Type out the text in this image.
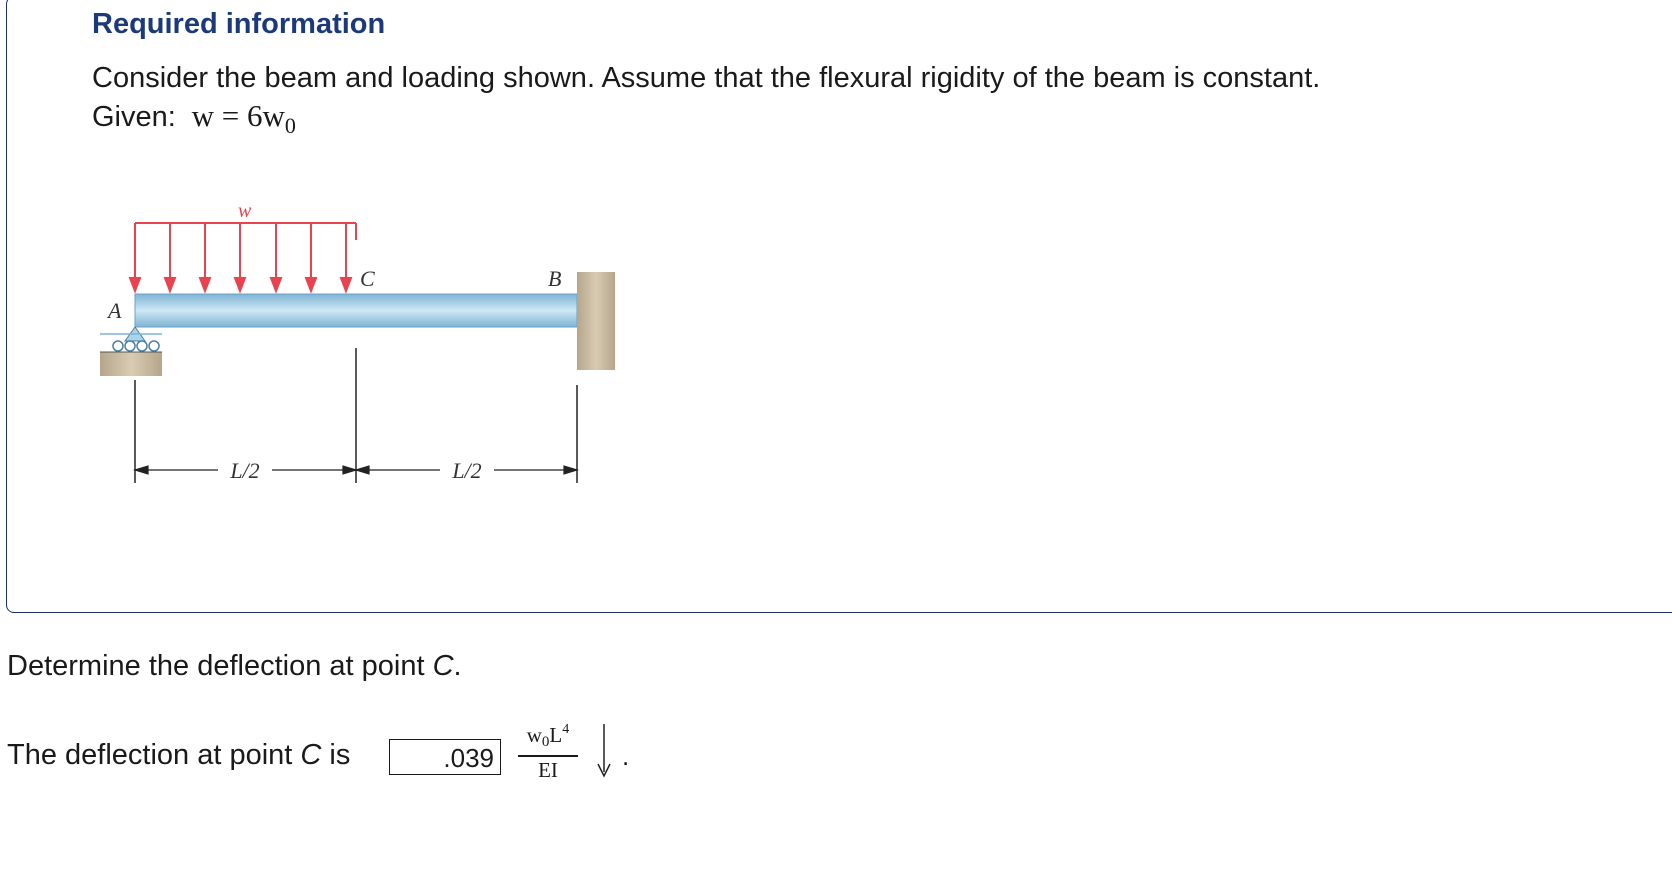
Required information
Consider the beam and loading shown. Assume that the flexural rigidity of the beam is constant.
Given: $w = 6w_0$
w
A
C	B
L/2	L/2
Determine the deflection at point C.
The deflection at point C is
.039
$w_0L^4$
EI	.
